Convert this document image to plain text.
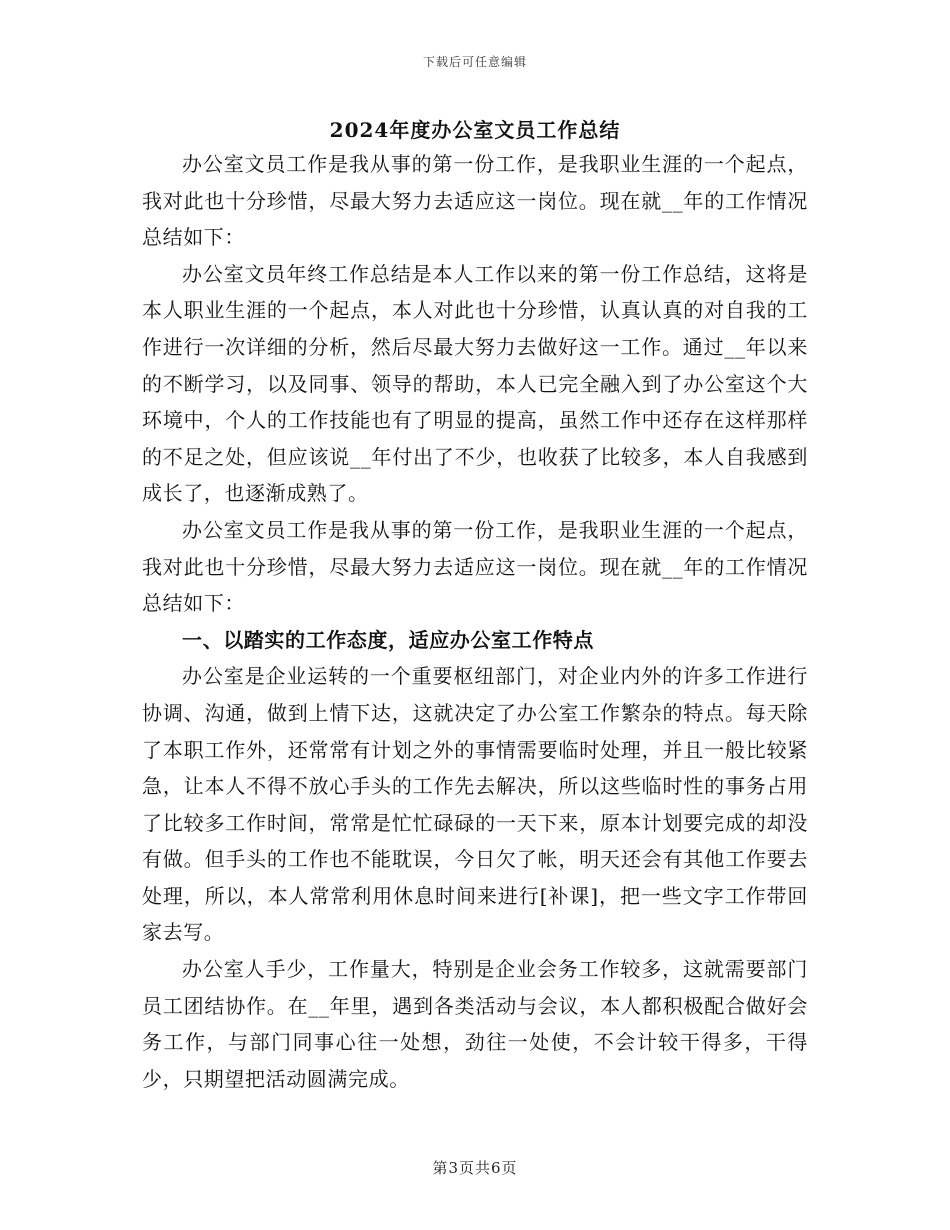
下载后可任意编辑
2024年度办公室文员工作总结

办公室文员工作是我从事的第一份工作，是我职业生涯的一个起点，我对此也十分珍惜，尽最大努力去适应这一岗位。现在就__年的工作情况总结如下：

办公室文员年终工作总结是本人工作以来的第一份工作总结，这将是本人职业生涯的一个起点，本人对此也十分珍惜，认真认真的对自我的工作进行一次详细的分析，然后尽最大努力去做好这一工作。通过__年以来的不断学习，以及同事、领导的帮助，本人已完全融入到了办公室这个大环境中，个人的工作技能也有了明显的提高，虽然工作中还存在这样那样的不足之处，但应该说__年付出了不少，也收获了比较多，本人自我感到成长了，也逐渐成熟了。

办公室文员工作是我从事的第一份工作，是我职业生涯的一个起点，我对此也十分珍惜，尽最大努力去适应这一岗位。现在就__年的工作情况总结如下：

一、以踏实的工作态度，适应办公室工作特点

办公室是企业运转的一个重要枢纽部门，对企业内外的许多工作进行协调、沟通，做到上情下达，这就决定了办公室工作繁杂的特点。每天除了本职工作外，还常常有计划之外的事情需要临时处理，并且一般比较紧急，让本人不得不放心手头的工作先去解决，所以这些临时性的事务占用了比较多工作时间，常常是忙忙碌碌的一天下来，原本计划要完成的却没有做。但手头的工作也不能耽误，今日欠了帐，明天还会有其他工作要去处理，所以，本人常常利用休息时间来进行[补课]，把一些文字工作带回家去写。

办公室人手少，工作量大，特别是企业会务工作较多，这就需要部门员工团结协作。在__年里，遇到各类活动与会议，本人都积极配合做好会务工作，与部门同事心往一处想，劲往一处使，不会计较干得多，干得少，只期望把活动圆满完成。

第3页共6页
